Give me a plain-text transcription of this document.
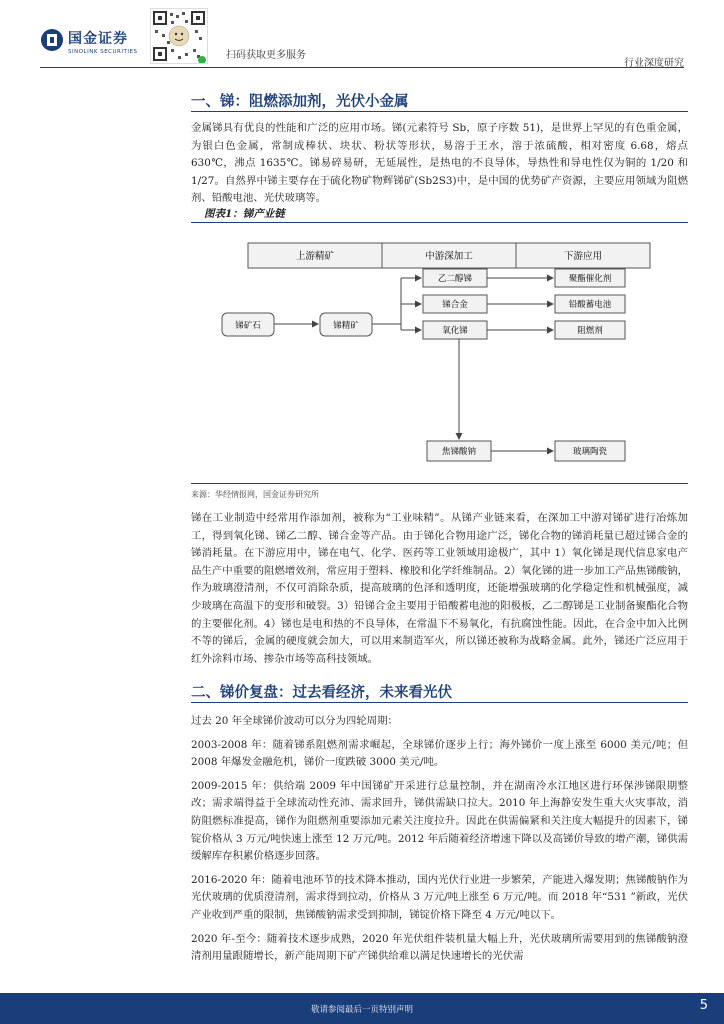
国金证券
SINOLINK SECURITIES	扫码获取更多服务
行业深度研究
一、锑：阻燃添加剂，光伏小金属

金属锑具有优良的性能和广泛的应用市场。锑(元素符号 Sb，原子序数 51)，是世界上罕见的有色重金属，为银白色金属，常制成棒状、块状、粉状等形状，易溶于王水，溶于浓硫酸，相对密度 6.68，熔点 630℃，沸点 1635℃。锑易碎易研，无延展性，是热电的不良导体，导热性和导电性仅为铜的 1/20 和 1/27。自然界中锑主要存在于硫化物矿物辉锑矿(Sb2S3)中，是中国的优势矿产资源，主要应用领域为阻燃剂、铅酸电池、光伏玻璃等。

图表1：锑产业链
上游精矿	中游深加工	下游应用
锑矿石	锑精矿
乙二醇锑
锑合金
氧化锑
焦锑酸钠
聚酯催化剂
铅酸蓄电池
阻燃剂
玻璃陶瓷
来源：华经情报网，国金证券研究所

锑在工业制造中经常用作添加剂，被称为“工业味精”。从锑产业链来看，在深加工中游对锑矿进行冶炼加工，得到氧化锑、锑乙二醇、锑合金等产品。由于锑化合物用途广泛，锑化合物的锑消耗量已超过锑合金的锑消耗量。在下游应用中，锑在电气、化学、医药等工业领域用途极广，其中 1）氧化锑是现代信息家电产品生产中重要的阻燃增效剂，常应用于塑料、橡胶和化学纤维制品。2）氧化锑的进一步加工产品焦锑酸钠，作为玻璃澄清剂，不仅可消除杂质，提高玻璃的色泽和透明度，还能增强玻璃的化学稳定性和机械强度，减少玻璃在高温下的变形和破裂。3）铅锑合金主要用于铅酸蓄电池的阳极板，乙二醇锑是工业制备聚酯化合物的主要催化剂。4）锑也是电和热的不良导体，在常温下不易氧化，有抗腐蚀性能。因此，在合金中加入比例不等的锑后，金属的硬度就会加大，可以用来制造军火，所以锑还被称为战略金属。此外，锑还广泛应用于红外涂料市场、掺杂市场等高科技领域。

二、锑价复盘：过去看经济，未来看光伏

过去 20 年全球锑价波动可以分为四轮周期：

2003-2008 年：随着锑系阻燃剂需求崛起，全球锑价逐步上行；海外锑价一度上涨至 6000 美元/吨；但 2008 年爆发金融危机，锑价一度跌破 3000 美元/吨。

2009-2015 年：供给端 2009 年中国锑矿开采进行总量控制，并在湖南冷水江地区进行环保涉锑限期整改；需求端得益于全球流动性充沛、需求回升，锑供需缺口拉大。2010 年上海静安发生重大火灾事故，消防阻燃标准提高，锑作为阻燃剂重要添加元素关注度拉升。因此在供需偏紧和关注度大幅提升的因素下，锑锭价格从 3 万元/吨快速上涨至 12 万元/吨。2012 年后随着经济增速下降以及高锑价导致的增产潮，锑供需缓解库存积累价格逐步回落。

2016-2020 年：随着电池环节的技术降本推动，国内光伏行业进一步繁荣，产能进入爆发期；焦锑酸钠作为光伏玻璃的优质澄清剂，需求得到拉动，价格从 3 万元/吨上涨至 6 万元/吨。而 2018 年“531 ”新政，光伏产业收到严重的限制，焦锑酸钠需求受到抑制，锑锭价格下降至 4 万元/吨以下。

2020 年-至今：随着技术逐步成熟，2020 年光伏组件装机量大幅上升，光伏玻璃所需要用到的焦锑酸钠澄清剂用量跟随增长，新产能周期下矿产锑供给难以满足快速增长的光伏需

敬请参阅最后一页特别声明	5
